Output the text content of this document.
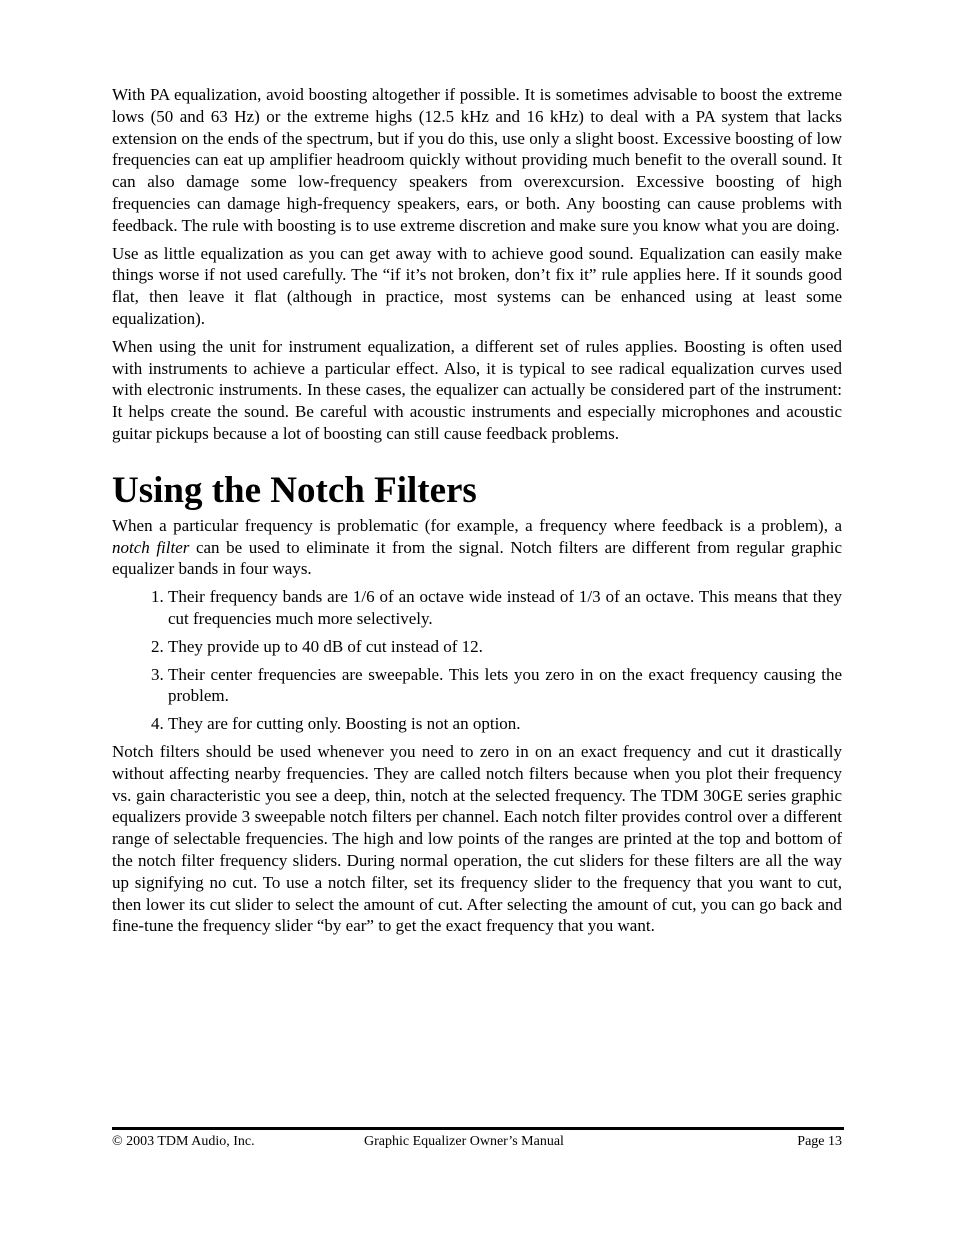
With PA equalization, avoid boosting altogether if possible. It is sometimes advisable to boost the extreme lows (50 and 63 Hz) or the extreme highs (12.5 kHz and 16 kHz) to deal with a PA system that lacks extension on the ends of the spectrum, but if you do this, use only a slight boost. Excessive boosting of low frequencies can eat up amplifier headroom quickly without providing much benefit to the overall sound. It can also damage some low-frequency speakers from overexcursion. Excessive boosting of high frequencies can damage high-frequency speakers, ears, or both. Any boosting can cause problems with feedback. The rule with boosting is to use extreme discretion and make sure you know what you are doing.

Use as little equalization as you can get away with to achieve good sound. Equalization can easily make things worse if not used carefully. The “if it’s not broken, don’t fix it” rule applies here. If it sounds good flat, then leave it flat (although in practice, most systems can be enhanced using at least some equalization).

When using the unit for instrument equalization, a different set of rules applies. Boosting is often used with instruments to achieve a particular effect. Also, it is typical to see radical equalization curves used with electronic instruments. In these cases, the equalizer can actually be considered part of the instrument: It helps create the sound. Be careful with acoustic instruments and especially microphones and acoustic guitar pickups because a lot of boosting can still cause feedback problems.

Using the Notch Filters

When a particular frequency is problematic (for example, a frequency where feedback is a problem), a notch filter can be used to eliminate it from the signal. Notch filters are different from regular graphic equalizer bands in four ways.

1. Their frequency bands are 1/6 of an octave wide instead of 1/3 of an octave. This means that they cut frequencies much more selectively.
2. They provide up to 40 dB of cut instead of 12.
3. Their center frequencies are sweepable. This lets you zero in on the exact frequency causing the problem.
4. They are for cutting only. Boosting is not an option.

Notch filters should be used whenever you need to zero in on an exact frequency and cut it drastically without affecting nearby frequencies. They are called notch filters because when you plot their frequency vs. gain characteristic you see a deep, thin, notch at the selected frequency. The TDM 30GE series graphic equalizers provide 3 sweepable notch filters per channel. Each notch filter provides control over a different range of selectable frequencies. The high and low points of the ranges are printed at the top and bottom of the notch filter frequency sliders. During normal operation, the cut sliders for these filters are all the way up signifying no cut. To use a notch filter, set its frequency slider to the frequency that you want to cut, then lower its cut slider to select the amount of cut. After selecting the amount of cut, you can go back and fine-tune the frequency slider “by ear” to get the exact frequency that you want.

© 2003 TDM Audio, Inc.	Graphic Equalizer Owner’s Manual	Page 13
